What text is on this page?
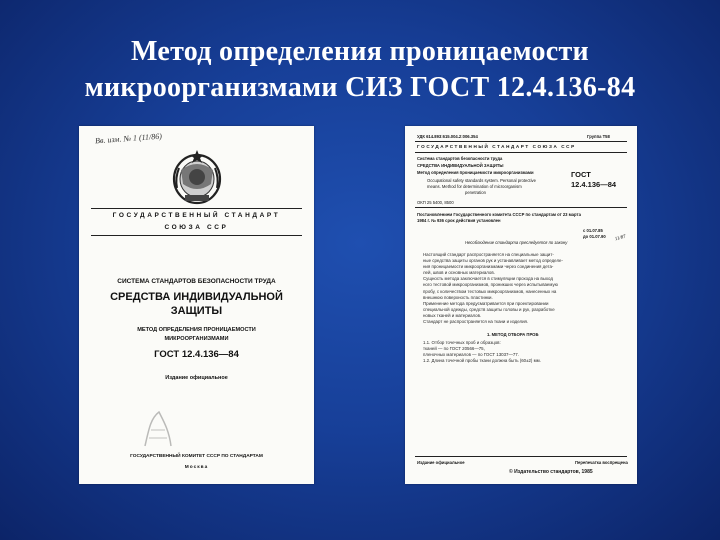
Метод определения проницаемости
микроорганизмами СИЗ ГОСТ 12.4.136-84
Вв. изм. № 1 (11/86)
ГОСУДАРСТВЕННЫЙ СТАНДАРТ
СОЮЗА ССР
СИСТЕМА СТАНДАРТОВ БЕЗОПАСНОСТИ ТРУДА
СРЕДСТВА ИНДИВИДУАЛЬНОЙ
ЗАЩИТЫ
МЕТОД ОПРЕДЕЛЕНИЯ ПРОНИЦАЕМОСТИ
МИКРООРГАНИЗМАМИ
ГОСТ 12.4.136—84
Издание официальное
ГОСУДАРСТВЕННЫЙ КОМИТЕТ СССР ПО СТАНДАРТАМ
Москва
УДК 614.893:615.004.2:006.354	Группа Т58
ГОСУДАРСТВЕННЫЙ СТАНДАРТ СОЮЗА ССР
Система стандартов безопасности труда
СРЕДСТВА ИНДИВИДУАЛЬНОЙ ЗАЩИТЫ
Метод определения проницаемости микроорганизмами
Occupational safety standards system. Personal protective
means. Method for determination of microorganism
penetration
ГОСТ
12.4.136—84
ОКП 25 5400, 8500
Постановлением Государственного комитета СССР по стандартам от 23 марта
1984 г. № 936 срок действия установлен
с 01.07.85
до 01.07.90 11/87
Несоблюдение стандарта преследуется по закону
Настоящий стандарт распространяется на специальные защит-
ные средства защиты органов рук и устанавливает метод определе-
ния проницаемости микроорганизмами через соединения дета-
лей, швов и основных материалов.
Сущность метода заключается в стимуляции прохода на выход
ного тестовой микроорганизмов, проникших через испытываемую
пробу, с количеством тестовых микроорганизмов, нанесенных на
внешнюю поверхность пластинки.
Применение метода предусматривается при проектировании
специальной одежды, средств защиты головы и рук, разработке
новых тканей и материалов.
Стандарт не распространяется на ткани и изделия.
1. МЕТОД ОТБОРА ПРОБ
1.1. Отбор точечных проб и образцов:
тканей — по ГОСТ 20566—75,
пленочных материалов — по ГОСТ 13037—77.
1.2. Длина точечной пробы ткани должна быть (60±2) мм.
Издание официальное	Перепечатка воспрещена
© Издательство стандартов, 1985
